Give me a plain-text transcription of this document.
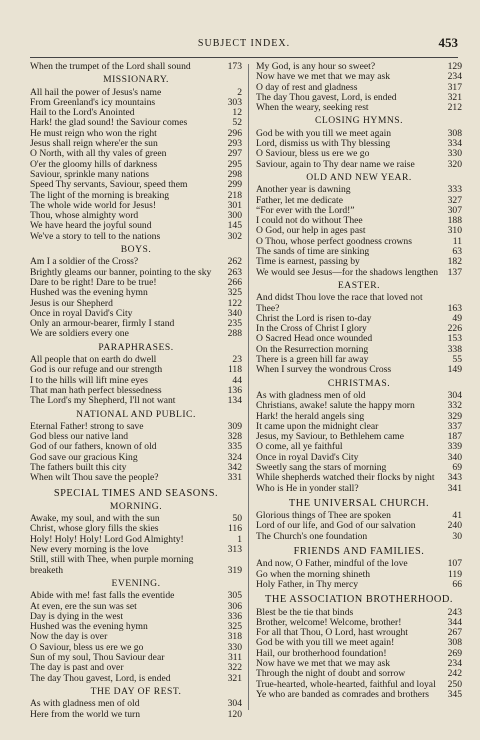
SUBJECT INDEX.	453
When the trumpet of the Lord shall sound	173
MISSIONARY.
All hail the power of Jesus's name	2
From Greenland's icy mountains	303
Hail to the Lord's Anointed	12
Hark! the glad sound! the Saviour comes	52
He must reign who won the right	296
Jesus shall reign where'er the sun	293
O North, with all thy vales of green	297
O'er the gloomy hills of darkness	295
Saviour, sprinkle many nations	298
Speed Thy servants, Saviour, speed them	299
The light of the morning is breaking	218
The whole wide world for Jesus!	301
Thou, whose almighty word	300
We have heard the joyful sound	145
We've a story to tell to the nations	302
BOYS.
Am I a soldier of the Cross?	262
Brightly gleams our banner, pointing to the sky	263
Dare to be right! Dare to be true!	266
Hushed was the evening hymn	325
Jesus is our Shepherd	122
Once in royal David's City	340
Only an armour-bearer, firmly I stand	235
We are soldiers every one	288
PARAPHRASES.
All people that on earth do dwell	23
God is our refuge and our strength	118
I to the hills will lift mine eyes	44
That man hath perfect blessedness	136
The Lord's my Shepherd, I'll not want	134
NATIONAL AND PUBLIC.
Eternal Father! strong to save	309
God bless our native land	328
God of our fathers, known of old	335
God save our gracious King	324
The fathers built this city	342
When wilt Thou save the people?	331
SPECIAL TIMES AND SEASONS.
MORNING.
Awake, my soul, and with the sun	50
Christ, whose glory fills the skies	116
Holy! Holy! Holy! Lord God Almighty!	1
New every morning is the love	313
Still, still with Thee, when purple morning breaketh	319
EVENING.
Abide with me! fast falls the eventide	305
At even, ere the sun was set	306
Day is dying in the west	336
Hushed was the evening hymn	325
Now the day is over	318
O Saviour, bless us ere we go	330
Sun of my soul, Thou Saviour dear	311
The day is past and over	322
The day Thou gavest, Lord, is ended	321
THE DAY OF REST.
As with gladness men of old	304
Here from the world we turn	120
My God, is any hour so sweet?	129
Now have we met that we may ask	234
O day of rest and gladness	317
The day Thou gavest, Lord, is ended	321
When the weary, seeking rest	212
CLOSING HYMNS.
God be with you till we meet again	308
Lord, dismiss us with Thy blessing	334
O Saviour, bless us ere we go	330
Saviour, again to Thy dear name we raise	320
OLD AND NEW YEAR.
Another year is dawning	333
Father, let me dedicate	327
“For ever with the Lord!”	307
I could not do without Thee	188
O God, our help in ages past	310
O Thou, whose perfect goodness crowns	11
The sands of time are sinking	63
Time is earnest, passing by	182
We would see Jesus—for the shadows lengthen 137
EASTER.
And didst Thou love the race that loved not Thee?	163
Christ the Lord is risen to-day	49
In the Cross of Christ I glory	226
O Sacred Head once wounded	153
On the Resurrection morning	338
There is a green hill far away	55
When I survey the wondrous Cross	149
CHRISTMAS.
As with gladness men of old	304
Christians, awake! salute the happy morn	332
Hark! the herald angels sing	329
It came upon the midnight clear	337
Jesus, my Saviour, to Bethlehem came	187
O come, all ye faithful	339
Once in royal David's City	340
Sweetly sang the stars of morning	69
While shepherds watched their flocks by night	343
Who is He in yonder stall?	341
THE UNIVERSAL CHURCH.
Glorious things of Thee are spoken	41
Lord of our life, and God of our salvation	240
The Church's one foundation	30
FRIENDS AND FAMILIES.
And now, O Father, mindful of the love	107
Go when the morning shineth	119
Holy Father, in Thy mercy	66
THE ASSOCIATION BROTHERHOOD.
Blest be the tie that binds	243
Brother, welcome! Welcome, brother!	344
For all that Thou, O Lord, hast wrought	267
God be with you till we meet again!	308
Hail, our brotherhood foundation!	269
Now have we met that we may ask	234
Through the night of doubt and sorrow	242
True-hearted, whole-hearted, faithful and loyal 250
Ye who are banded as comrades and brothers	345
